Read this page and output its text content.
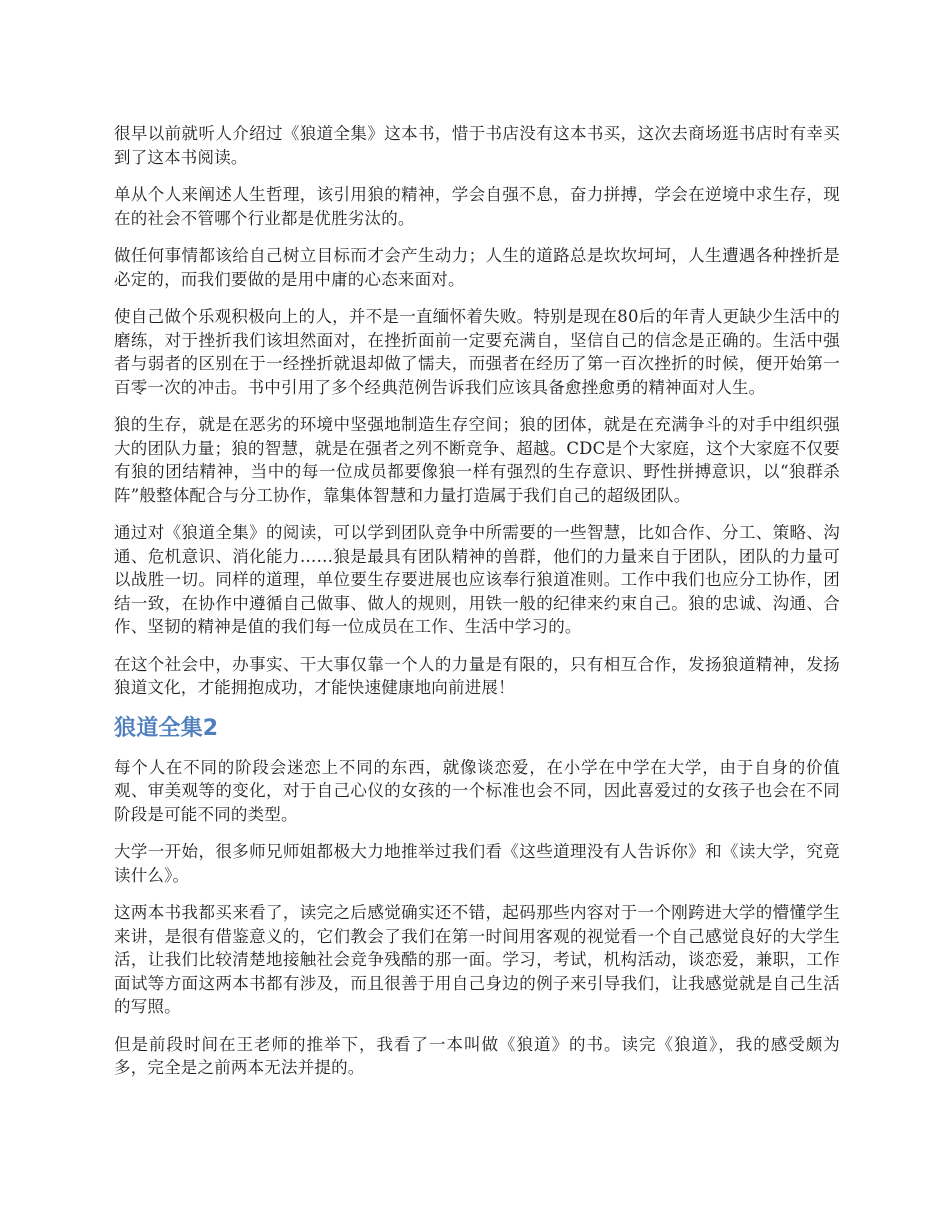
很早以前就听人介绍过《狼道全集》这本书，惜于书店没有这本书买，这次去商场逛书店时有幸买到了这本书阅读。

单从个人来阐述人生哲理，该引用狼的精神，学会自强不息，奋力拼搏，学会在逆境中求生存，现在的社会不管哪个行业都是优胜劣汰的。

做任何事情都该给自己树立目标而才会产生动力；人生的道路总是坎坎坷坷，人生遭遇各种挫折是必定的，而我们要做的是用中庸的心态来面对。

使自己做个乐观积极向上的人，并不是一直缅怀着失败。特别是现在80后的年青人更缺少生活中的磨练，对于挫折我们该坦然面对，在挫折面前一定要充满自，坚信自己的信念是正确的。生活中强者与弱者的区别在于一经挫折就退却做了懦夫，而强者在经历了第一百次挫折的时候，便开始第一百零一次的冲击。书中引用了多个经典范例告诉我们应该具备愈挫愈勇的精神面对人生。

狼的生存，就是在恶劣的环境中坚强地制造生存空间；狼的团体，就是在充满争斗的对手中组织强大的团队力量；狼的智慧，就是在强者之列不断竞争、超越。CDC是个大家庭，这个大家庭不仅要有狼的团结精神，当中的每一位成员都要像狼一样有强烈的生存意识、野性拼搏意识，以“狼群杀阵”般整体配合与分工协作，靠集体智慧和力量打造属于我们自己的超级团队。

通过对《狼道全集》的阅读，可以学到团队竞争中所需要的一些智慧，比如合作、分工、策略、沟通、危机意识、消化能力……狼是最具有团队精神的兽群，他们的力量来自于团队，团队的力量可以战胜一切。同样的道理，单位要生存要进展也应该奉行狼道准则。工作中我们也应分工协作，团结一致，在协作中遵循自己做事、做人的规则，用铁一般的纪律来约束自己。狼的忠诚、沟通、合作、坚韧的精神是值的我们每一位成员在工作、生活中学习的。

在这个社会中，办事实、干大事仅靠一个人的力量是有限的，只有相互合作，发扬狼道精神，发扬狼道文化，才能拥抱成功，才能快速健康地向前进展！

狼道全集2

每个人在不同的阶段会迷恋上不同的东西，就像谈恋爱，在小学在中学在大学，由于自身的价值观、审美观等的变化，对于自己心仪的女孩的一个标准也会不同，因此喜爱过的女孩子也会在不同阶段是可能不同的类型。

大学一开始，很多师兄师姐都极大力地推举过我们看《这些道理没有人告诉你》和《读大学，究竟读什么》。

这两本书我都买来看了，读完之后感觉确实还不错，起码那些内容对于一个刚跨进大学的懵懂学生来讲，是很有借鉴意义的，它们教会了我们在第一时间用客观的视觉看一个自己感觉良好的大学生活，让我们比较清楚地接触社会竞争残酷的那一面。学习，考试，机构活动，谈恋爱，兼职，工作面试等方面这两本书都有涉及，而且很善于用自己身边的例子来引导我们，让我感觉就是自己生活的写照。

但是前段时间在王老师的推举下，我看了一本叫做《狼道》的书。读完《狼道》，我的感受颇为多，完全是之前两本无法并提的。
